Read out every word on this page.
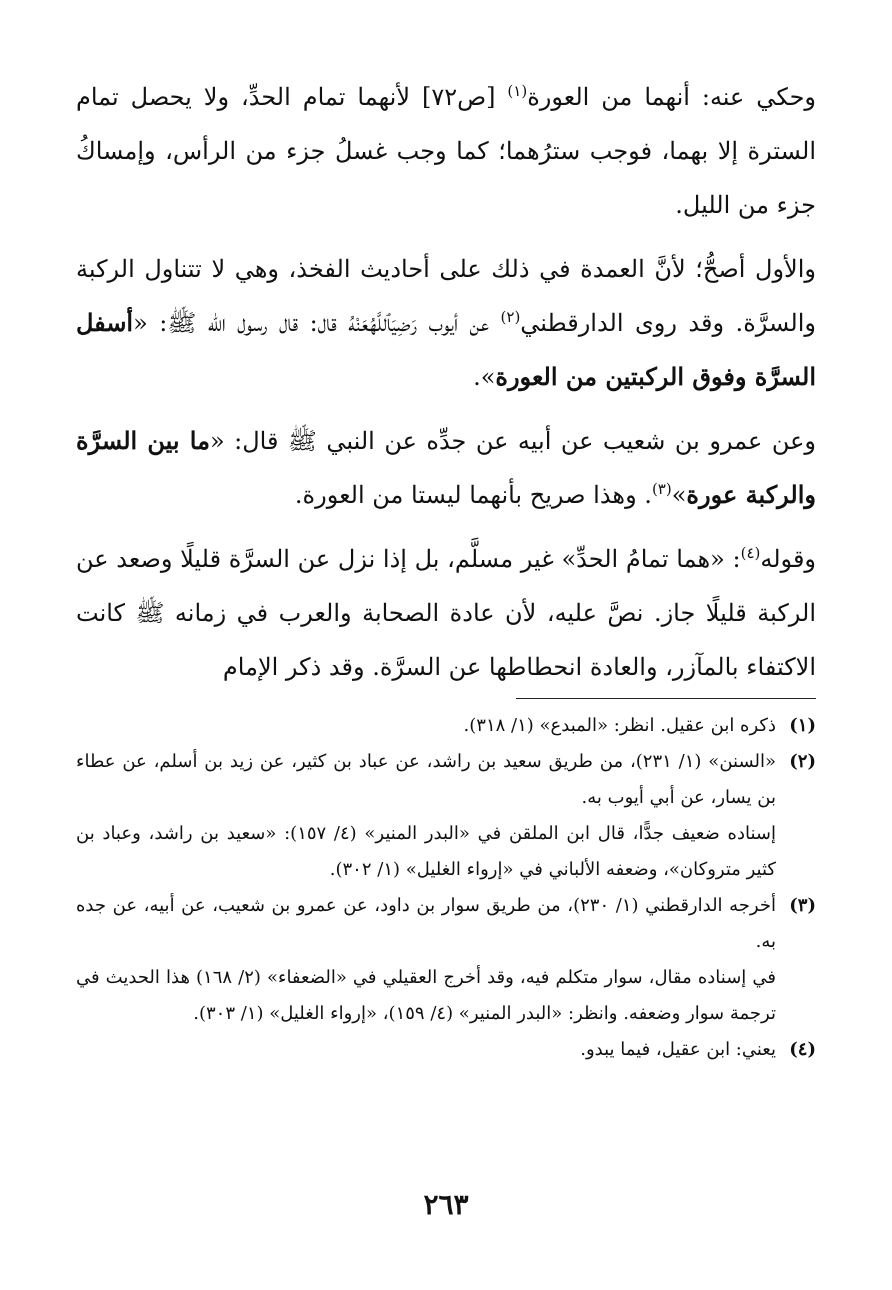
وحكي عنه: أنهما من العورة$^{(١)}$ [ص٧٢] لأنهما تمام الحدِّ، ولا يحصل تمام السترة إلا بهما، فوجب سترُهما؛ كما وجب غسلُ جزء من الرأس، وإمساكُ جزء من الليل.

والأول أصحُّ؛ لأنَّ العمدة في ذلك على أحاديث الفخذ، وهي لا تتناول الركبة والسرَّة. وقد روى الدارقطني$^{(٢)}$ عن أيوب رَضِيَٱللَّهُعَنْهُ قال: قال رسول الله ﷺ: «أسفل السرَّة وفوق الركبتين من العورة».

وعن عمرو بن شعيب عن أبيه عن جدِّه عن النبي ﷺ قال: «ما بين السرَّة والركبة عورة»$^{(٣)}$. وهذا صريح بأنهما ليستا من العورة.

وقوله$^{(٤)}$: «هما تمامُ الحدِّ» غير مسلَّم، بل إذا نزل عن السرَّة قليلًا وصعد عن الركبة قليلًا جاز. نصَّ عليه، لأن عادة الصحابة والعرب في زمانه ﷺ كانت الاكتفاء بالمآزر، والعادة انحطاطها عن السرَّة. وقد ذكر الإمام

(١)

ذكره ابن عقيل. انظر: «المبدع» (١/ ٣١٨).

(٢)

«السنن» (١/ ٢٣١)، من طريق سعيد بن راشد، عن عباد بن كثير، عن زيد بن أسلم، عن عطاء بن يسار، عن أبي أيوب به.

إسناده ضعيف جدًّا، قال ابن الملقن في «البدر المنير» (٤/ ١٥٧): «سعيد بن راشد، وعباد بن كثير متروكان»، وضعفه الألباني في «إرواء الغليل» (١/ ٣٠٢).

(٣)

أخرجه الدارقطني (١/ ٢٣٠)، من طريق سوار بن داود، عن عمرو بن شعيب، عن أبيه، عن جده به.

في إسناده مقال، سوار متكلم فيه، وقد أخرج العقيلي في «الضعفاء» (٢/ ١٦٨) هذا الحديث في ترجمة سوار وضعفه. وانظر: «البدر المنير» (٤/ ١٥٩)، «إرواء الغليل» (١/ ٣٠٣).

(٤)

يعني: ابن عقيل، فيما يبدو.

٢٦٣
